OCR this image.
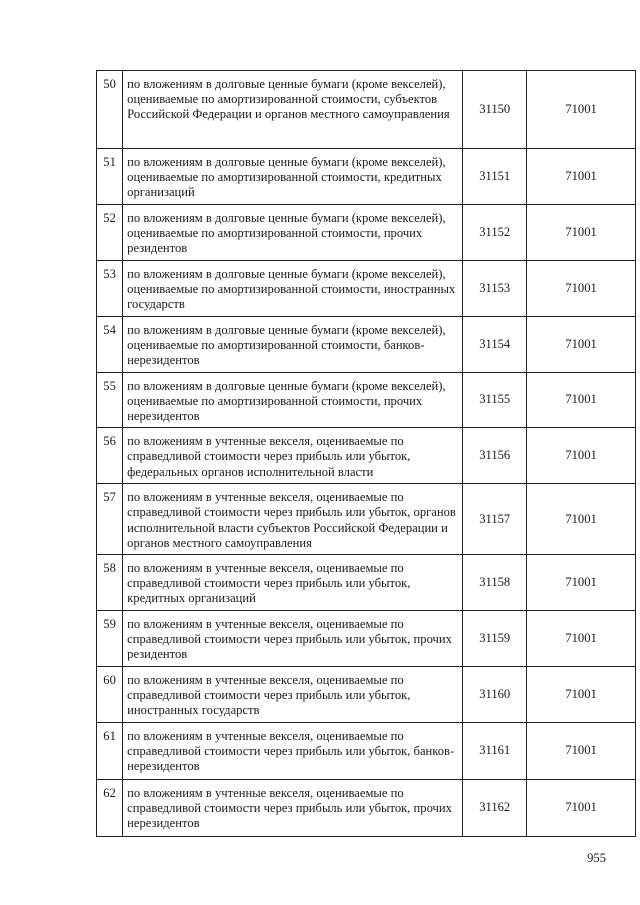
50	по вложениям в долговые ценные бумаги (кроме векселей), оцениваемые по амортизированной стоимости, субъектов Российской Федерации и органов местного самоуправления	31150	71001
51	по вложениям в долговые ценные бумаги (кроме векселей), оцениваемые по амортизированной стоимости, кредитных организаций	31151	71001
52	по вложениям в долговые ценные бумаги (кроме векселей), оцениваемые по амортизированной стоимости, прочих резидентов	31152	71001
53	по вложениям в долговые ценные бумаги (кроме векселей), оцениваемые по амортизированной стоимости, иностранных государств	31153	71001
54	по вложениям в долговые ценные бумаги (кроме векселей), оцениваемые по амортизированной стоимости, банков-нерезидентов	31154	71001
55	по вложениям в долговые ценные бумаги (кроме векселей), оцениваемые по амортизированной стоимости, прочих нерезидентов	31155	71001
56	по вложениям в учтенные векселя, оцениваемые по справедливой стоимости через прибыль или убыток, федеральных органов исполнительной власти	31156	71001
57	по вложениям в учтенные векселя, оцениваемые по справедливой стоимости через прибыль или убыток, органов исполнительной власти субъектов Российской Федерации и органов местного самоуправления	31157	71001
58	по вложениям в учтенные векселя, оцениваемые по справедливой стоимости через прибыль или убыток, кредитных организаций	31158	71001
59	по вложениям в учтенные векселя, оцениваемые по справедливой стоимости через прибыль или убыток, прочих резидентов	31159	71001
60	по вложениям в учтенные векселя, оцениваемые по справедливой стоимости через прибыль или убыток, иностранных государств	31160	71001
61	по вложениям в учтенные векселя, оцениваемые по справедливой стоимости через прибыль или убыток, банков-нерезидентов	31161	71001
62	по вложениям в учтенные векселя, оцениваемые по справедливой стоимости через прибыль или убыток, прочих нерезидентов	31162	71001
955
